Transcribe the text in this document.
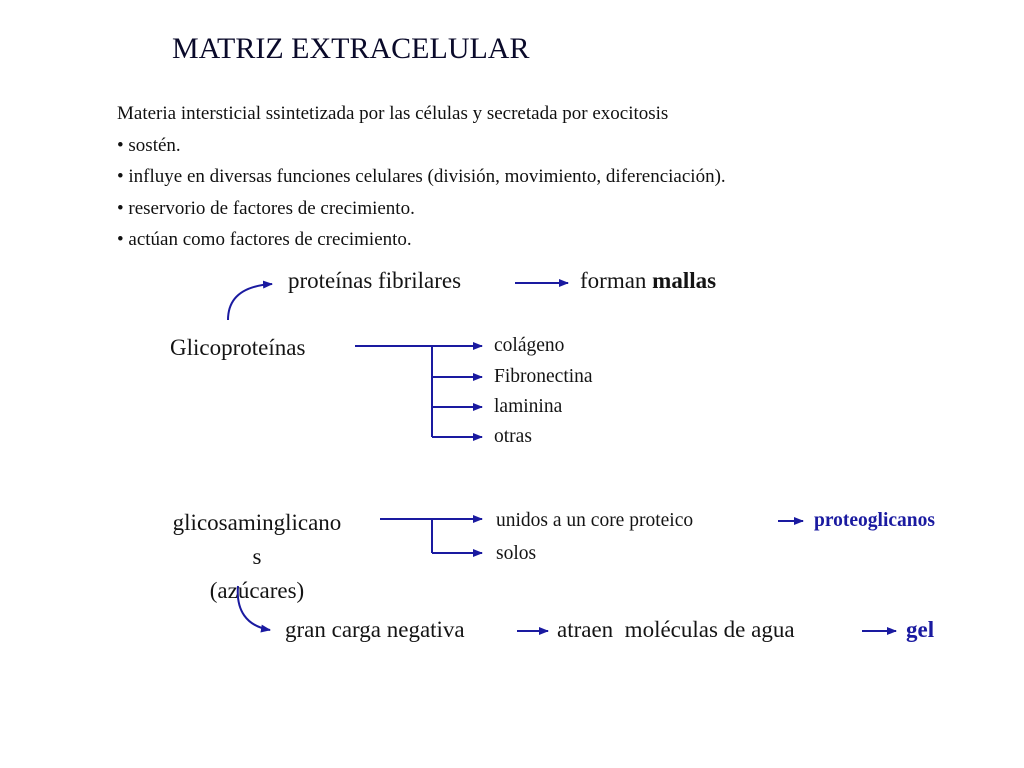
MATRIZ EXTRACELULAR
Materia intersticial ssintetizada por las células y secretada por exocitosis
• sostén.
• influye en diversas funciones celulares (división, movimiento, diferenciación).
• reservorio de factores de crecimiento.
• actúan como factores de crecimiento.
proteínas fibrilares	forman mallas
Glicoproteínas	colágeno
Fibronectina
laminina
otras
glicosaminglicano
s
(azúcares)
unidos a un core proteico
solos
proteoglicanos
gran carga negativa	atraen  moléculas de agua	gel
